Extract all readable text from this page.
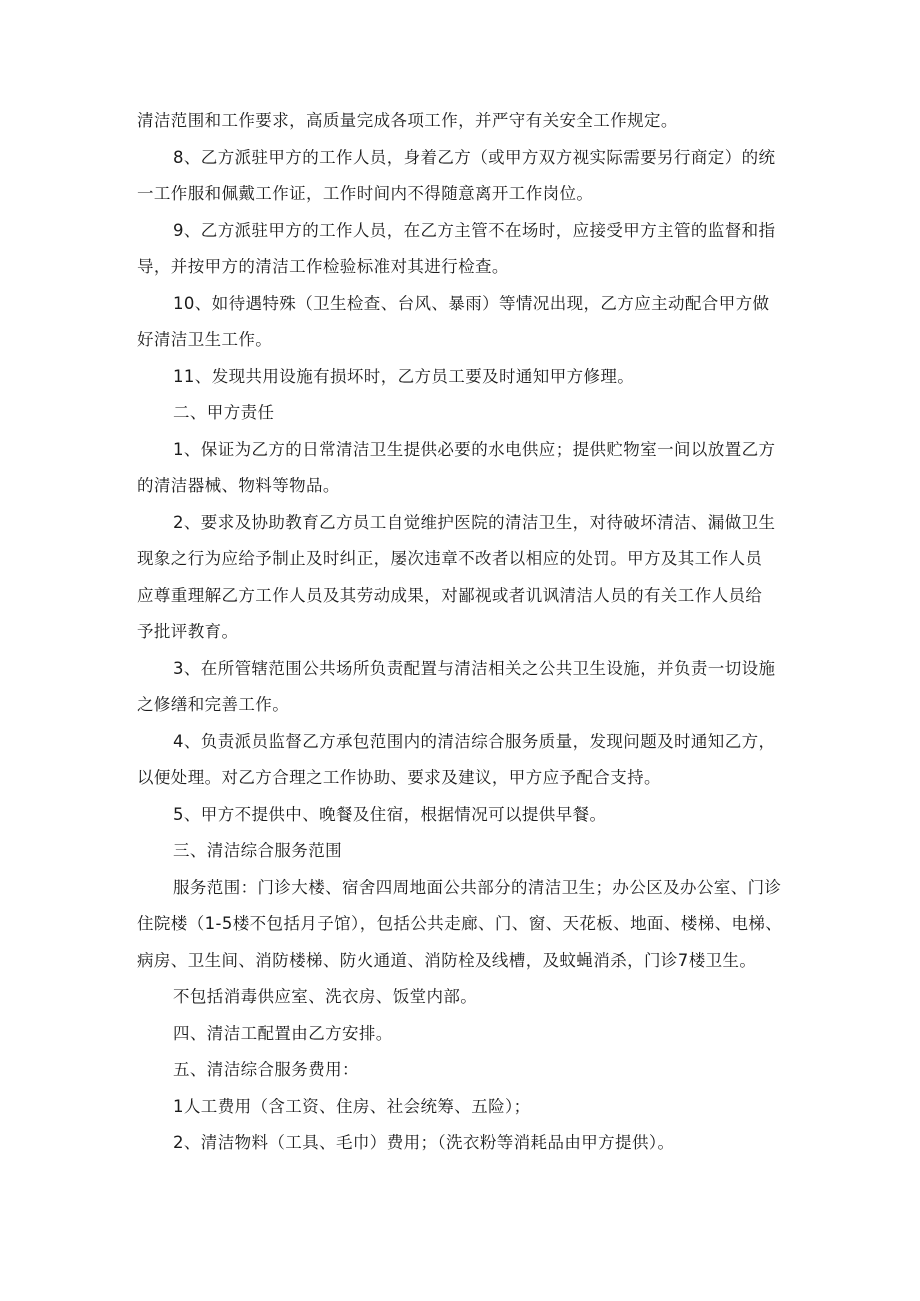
清洁范围和工作要求，高质量完成各项工作，并严守有关安全工作规定。
8、乙方派驻甲方的工作人员，身着乙方（或甲方双方视实际需要另行商定）的统
一工作服和佩戴工作证，工作时间内不得随意离开工作岗位。
9、乙方派驻甲方的工作人员，在乙方主管不在场时，应接受甲方主管的监督和指
导，并按甲方的清洁工作检验标准对其进行检查。
10、如待遇特殊（卫生检查、台风、暴雨）等情况出现，乙方应主动配合甲方做
好清洁卫生工作。
11、发现共用设施有损坏时，乙方员工要及时通知甲方修理。
二、甲方责任
1、保证为乙方的日常清洁卫生提供必要的水电供应；提供贮物室一间以放置乙方
的清洁器械、物料等物品。
2、要求及协助教育乙方员工自觉维护医院的清洁卫生，对待破坏清洁、漏做卫生
现象之行为应给予制止及时纠正，屡次违章不改者以相应的处罚。甲方及其工作人员
应尊重理解乙方工作人员及其劳动成果，对鄙视或者讥讽清洁人员的有关工作人员给
予批评教育。
3、在所管辖范围公共场所负责配置与清洁相关之公共卫生设施，并负责一切设施
之修缮和完善工作。
4、负责派员监督乙方承包范围内的清洁综合服务质量，发现问题及时通知乙方，
以便处理。对乙方合理之工作协助、要求及建议，甲方应予配合支持。
5、甲方不提供中、晚餐及住宿，根据情况可以提供早餐。
三、清洁综合服务范围
服务范围：门诊大楼、宿舍四周地面公共部分的清洁卫生；办公区及办公室、门诊
住院楼（1-5楼不包括月子馆），包括公共走廊、门、窗、天花板、地面、楼梯、电梯、
病房、卫生间、消防楼梯、防火通道、消防栓及线槽，及蚊蝇消杀，门诊7楼卫生。
不包括消毒供应室、洗衣房、饭堂内部。
四、清洁工配置由乙方安排。
五、清洁综合服务费用：
1人工费用（含工资、住房、社会统筹、五险）；
2、清洁物料（工具、毛巾）费用；（洗衣粉等消耗品由甲方提供）。
